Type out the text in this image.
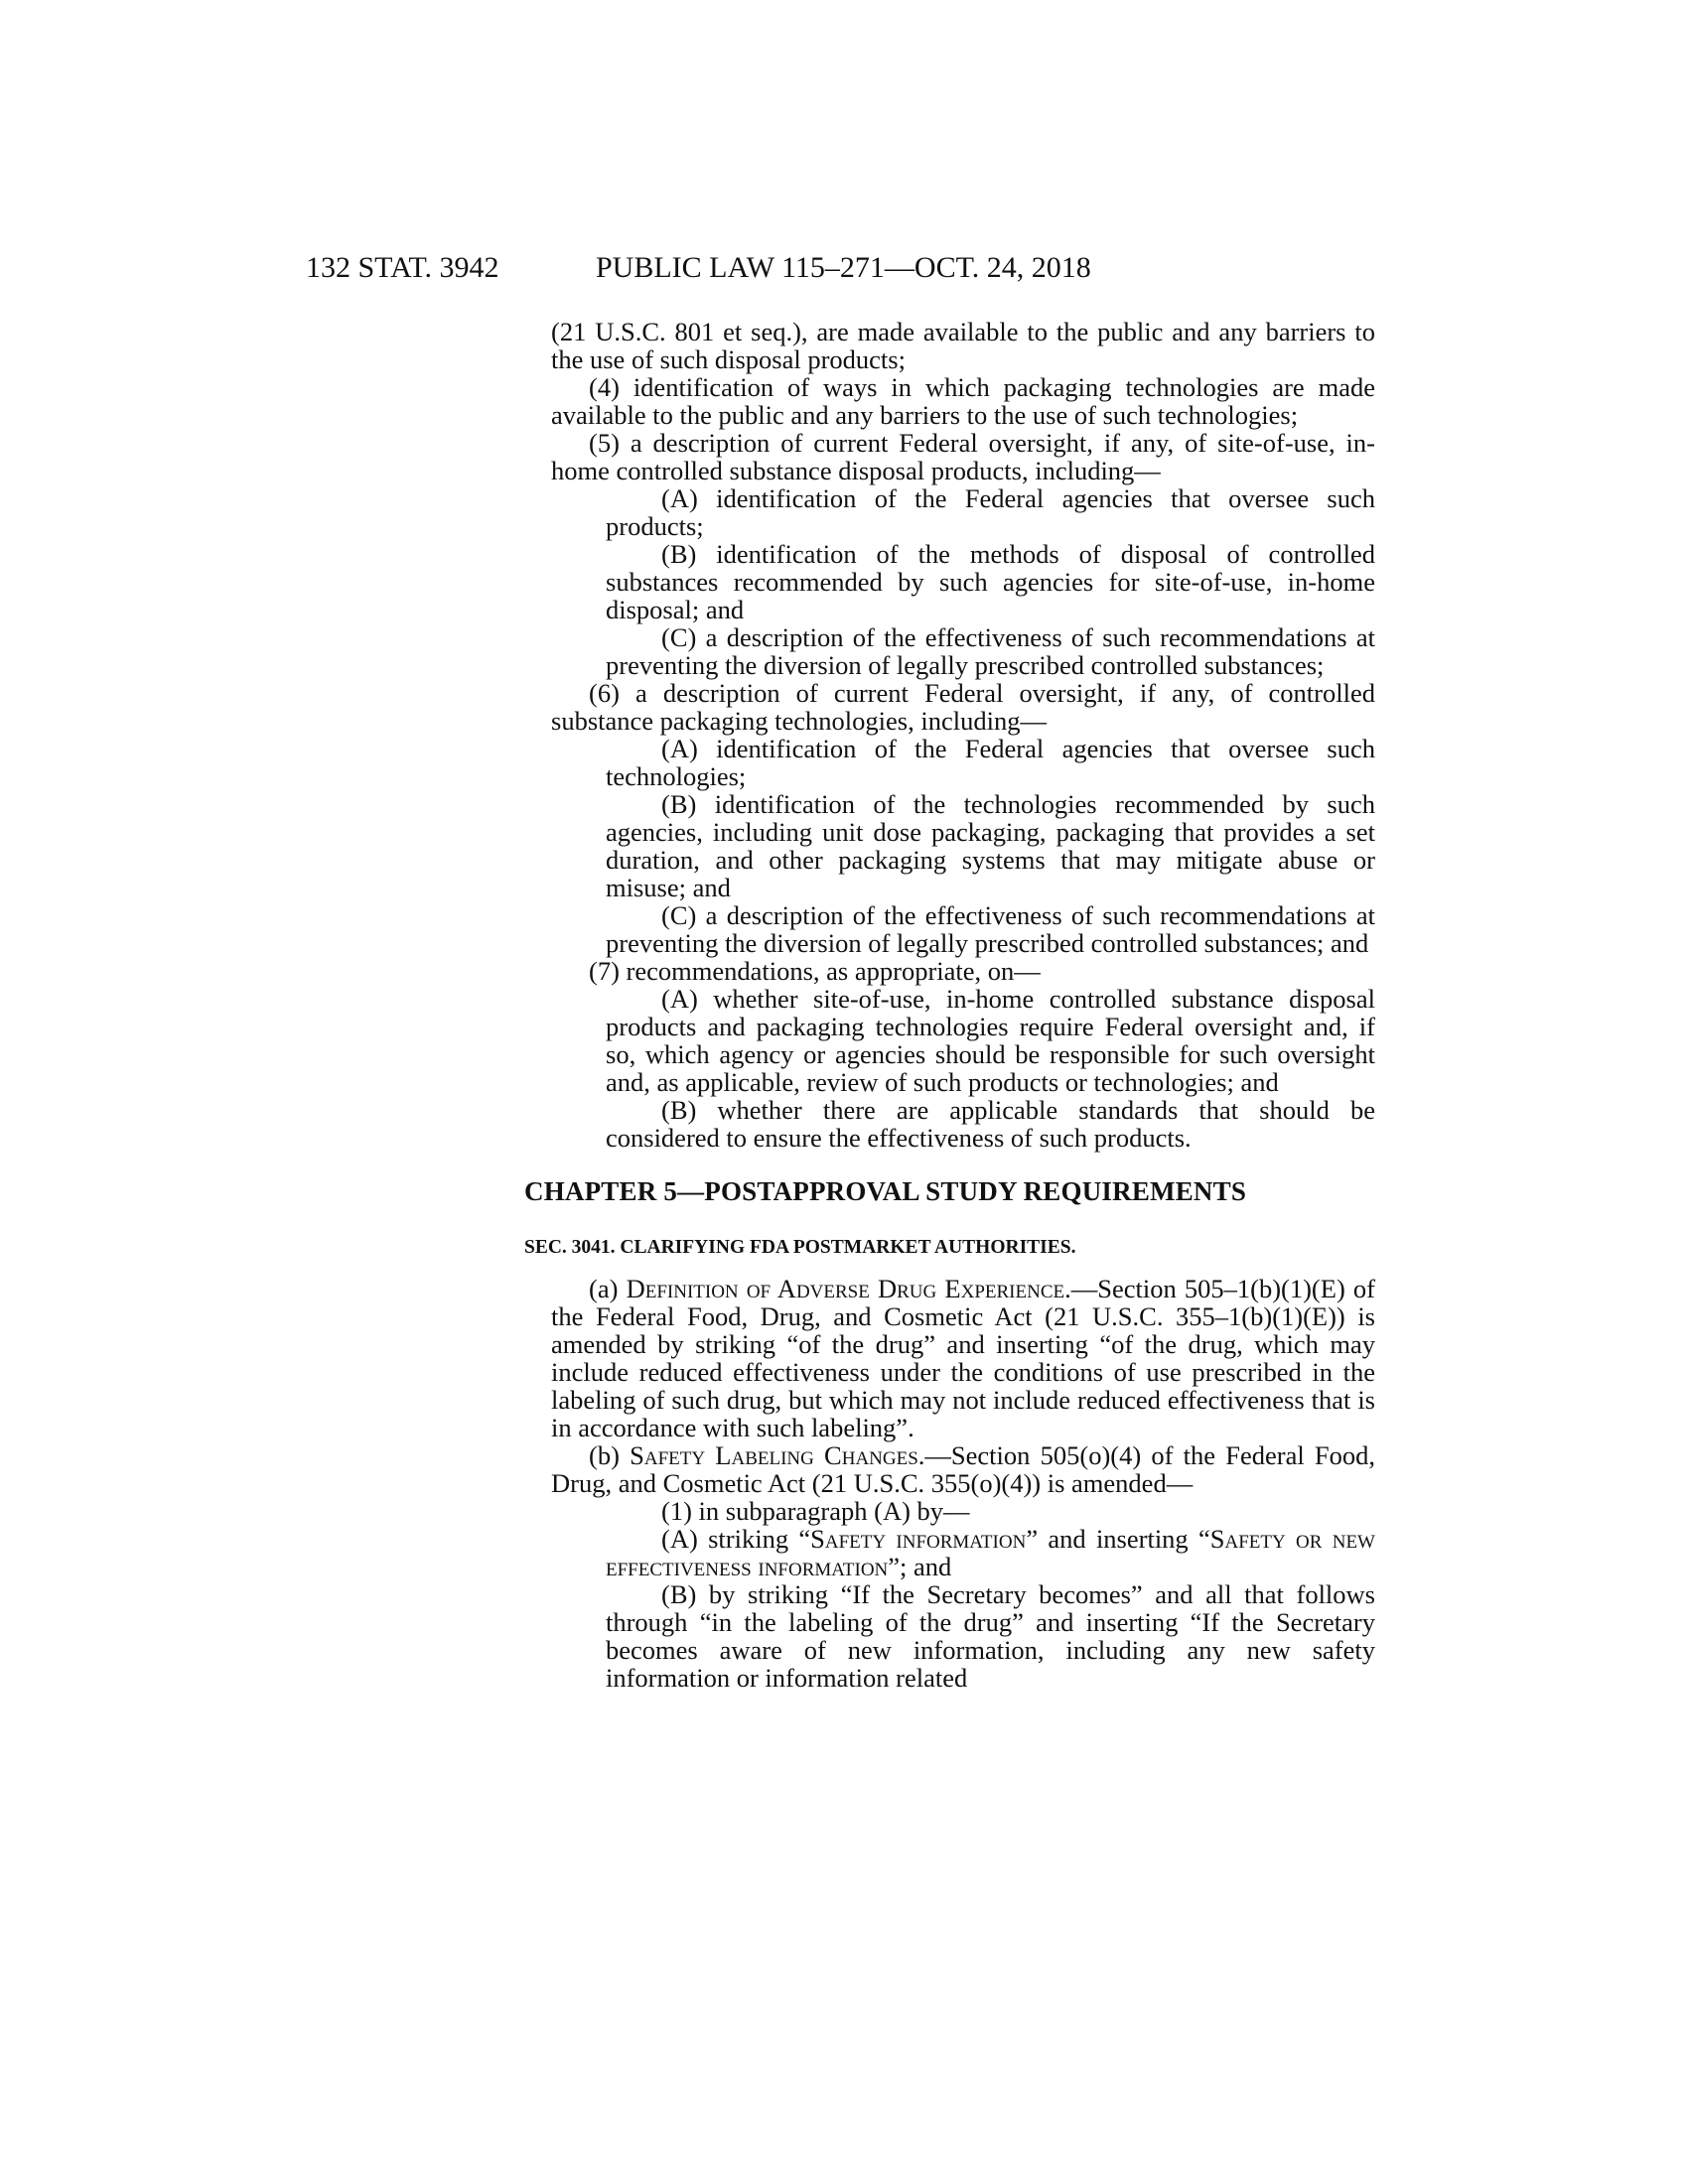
132 STAT. 3942	PUBLIC LAW 115–271—OCT. 24, 2018

(21 U.S.C. 801 et seq.), are made available to the public and any barriers to the use of such disposal products;

(4) identification of ways in which packaging technologies are made available to the public and any barriers to the use of such technologies;

(5) a description of current Federal oversight, if any, of site-of-use, in-home controlled substance disposal products, including—

(A) identification of the Federal agencies that oversee such products;

(B) identification of the methods of disposal of controlled substances recommended by such agencies for site-of-use, in-home disposal; and

(C) a description of the effectiveness of such recommendations at preventing the diversion of legally prescribed controlled substances;

(6) a description of current Federal oversight, if any, of controlled substance packaging technologies, including—

(A) identification of the Federal agencies that oversee such technologies;

(B) identification of the technologies recommended by such agencies, including unit dose packaging, packaging that provides a set duration, and other packaging systems that may mitigate abuse or misuse; and

(C) a description of the effectiveness of such recommendations at preventing the diversion of legally prescribed controlled substances; and

(7) recommendations, as appropriate, on—

(A) whether site-of-use, in-home controlled substance disposal products and packaging technologies require Federal oversight and, if so, which agency or agencies should be responsible for such oversight and, as applicable, review of such products or technologies; and

(B) whether there are applicable standards that should be considered to ensure the effectiveness of such products.

CHAPTER 5—POSTAPPROVAL STUDY REQUIREMENTS

SEC. 3041. CLARIFYING FDA POSTMARKET AUTHORITIES.

(a) Definition of Adverse Drug Experience.—Section 505–1(b)(1)(E) of the Federal Food, Drug, and Cosmetic Act (21 U.S.C. 355–1(b)(1)(E)) is amended by striking “of the drug” and inserting “of the drug, which may include reduced effectiveness under the conditions of use prescribed in the labeling of such drug, but which may not include reduced effectiveness that is in accordance with such labeling”.

(b) Safety Labeling Changes.—Section 505(o)(4) of the Federal Food, Drug, and Cosmetic Act (21 U.S.C. 355(o)(4)) is amended—

(1) in subparagraph (A) by—

(A) striking “Safety information” and inserting “Safety or new effectiveness information”; and

(B) by striking “If the Secretary becomes” and all that follows through “in the labeling of the drug” and inserting “If the Secretary becomes aware of new information, including any new safety information or information related
